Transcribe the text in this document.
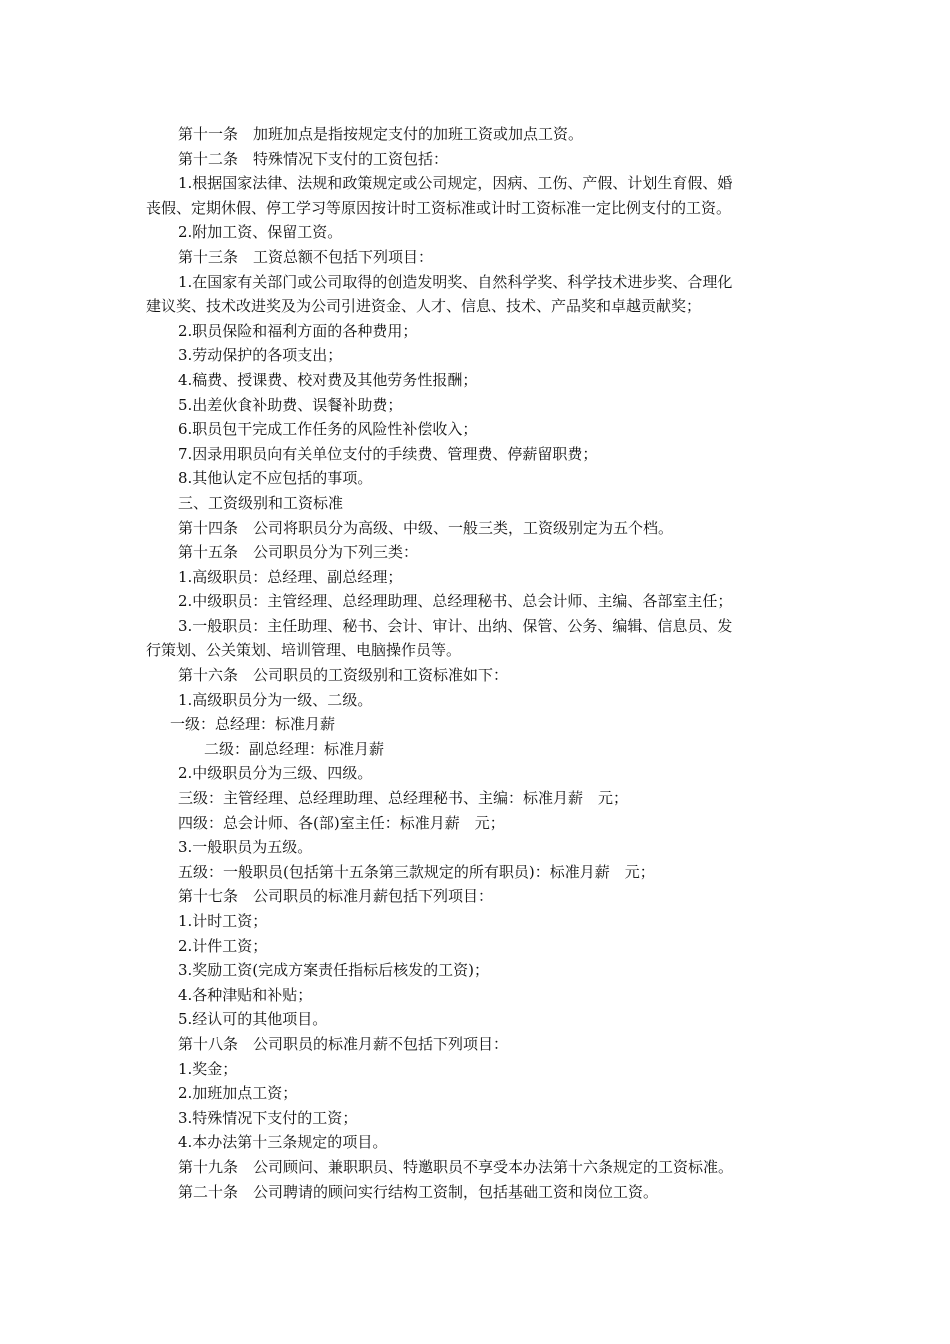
第十一条　加班加点是指按规定支付的加班工资或加点工资。
第十二条　特殊情况下支付的工资包括：
1.根据国家法律、法规和政策规定或公司规定，因病、工伤、产假、计划生育假、婚
丧假、定期休假、停工学习等原因按计时工资标准或计时工资标准一定比例支付的工资。
2.附加工资、保留工资。
第十三条　工资总额不包括下列项目：
1.在国家有关部门或公司取得的创造发明奖、自然科学奖、科学技术进步奖、合理化
建议奖、技术改进奖及为公司引进资金、人才、信息、技术、产品奖和卓越贡献奖；
2.职员保险和福利方面的各种费用；
3.劳动保护的各项支出；
4.稿费、授课费、校对费及其他劳务性报酬；
5.出差伙食补助费、误餐补助费；
6.职员包干完成工作任务的风险性补偿收入；
7.因录用职员向有关单位支付的手续费、管理费、停薪留职费；
8.其他认定不应包括的事项。
三、工资级别和工资标准
第十四条　公司将职员分为高级、中级、一般三类，工资级别定为五个档。
第十五条　公司职员分为下列三类：
1.高级职员：总经理、副总经理；
2.中级职员：主管经理、总经理助理、总经理秘书、总会计师、主编、各部室主任；
3.一般职员：主任助理、秘书、会计、审计、出纳、保管、公务、编辑、信息员、发
行策划、公关策划、培训管理、电脑操作员等。
第十六条　公司职员的工资级别和工资标准如下：
1.高级职员分为一级、二级。
一级：总经理：标准月薪
二级：副总经理：标准月薪
2.中级职员分为三级、四级。
三级：主管经理、总经理助理、总经理秘书、主编：标准月薪　元；
四级：总会计师、各(部)室主任：标准月薪　元；
3.一般职员为五级。
五级：一般职员(包括第十五条第三款规定的所有职员)：标准月薪　元；
第十七条　公司职员的标准月薪包括下列项目：
1.计时工资；
2.计件工资；
3.奖励工资(完成方案责任指标后核发的工资)；
4.各种津贴和补贴；
5.经认可的其他项目。
第十八条　公司职员的标准月薪不包括下列项目：
1.奖金；
2.加班加点工资；
3.特殊情况下支付的工资；
4.本办法第十三条规定的项目。
第十九条　公司顾问、兼职职员、特邀职员不享受本办法第十六条规定的工资标准。
第二十条　公司聘请的顾问实行结构工资制，包括基础工资和岗位工资。
